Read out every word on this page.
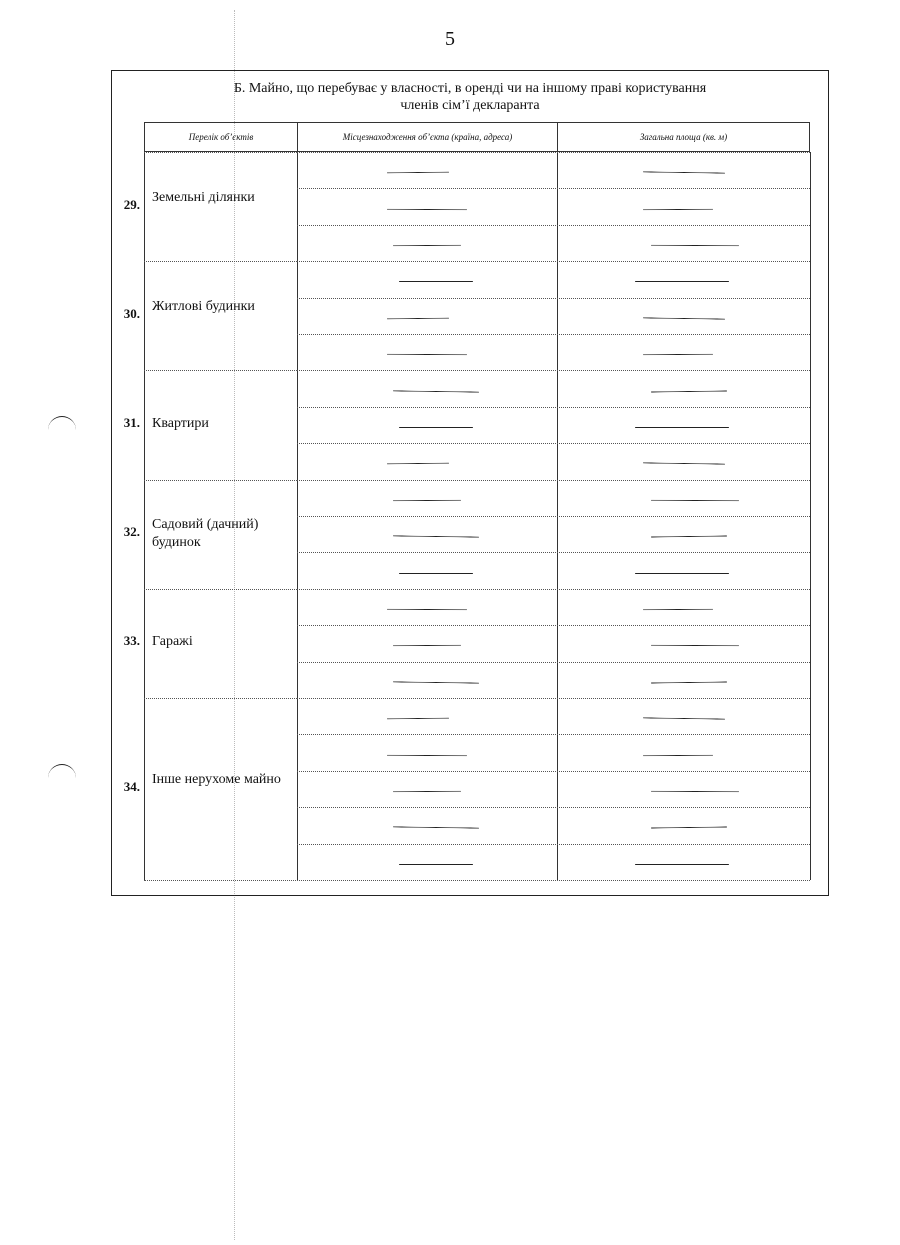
5
Б. Майно, що перебуває у власності, в оренді чи на іншому праві користування
членів сім’ї декларанта
Перелік об’єктів	Місцезнаходження об’єкта (країна, адреса)	Загальна площа (кв. м)
29. Земельні ділянки
30. Житлові будинки
31. Квартири
32. Садовий (дачний) будинок
33. Гаражі
34. Інше нерухоме майно
